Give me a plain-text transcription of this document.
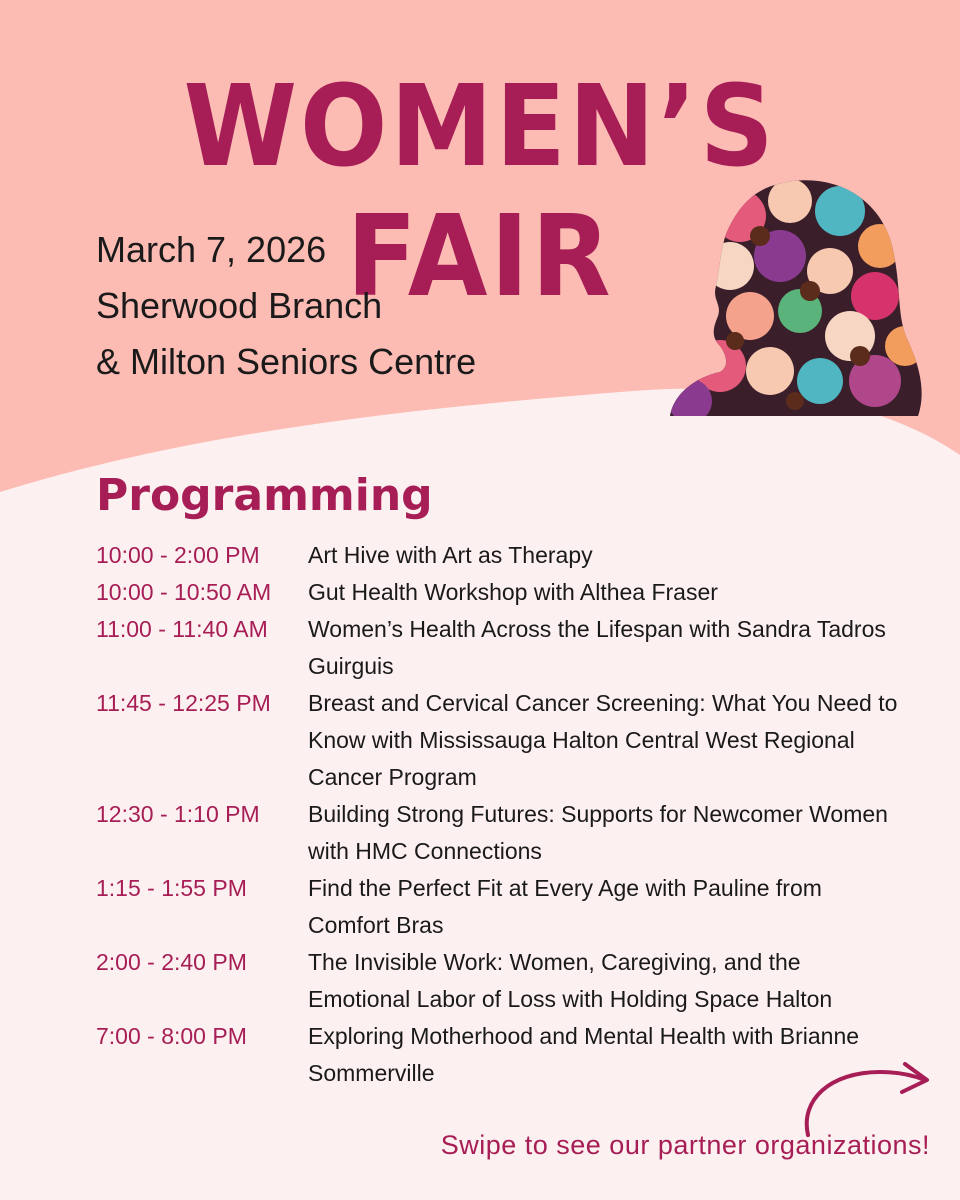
WOMEN’S FAIR
March 7, 2026
Sherwood Branch
& Milton Seniors Centre
Programming
10:00 - 2:00 PM	Art Hive with Art as Therapy
10:00 - 10:50 AM	Gut Health Workshop with Althea Fraser
11:00 - 11:40 AM	Women’s Health Across the Lifespan with Sandra Tadros Guirguis
11:45 - 12:25 PM	Breast and Cervical Cancer Screening: What You Need to Know with Mississauga Halton Central West Regional Cancer Program
12:30 - 1:10 PM	Building Strong Futures: Supports for Newcomer Women with HMC Connections
1:15 - 1:55 PM	Find the Perfect Fit at Every Age with Pauline from Comfort Bras
2:00 - 2:40 PM	The Invisible Work: Women, Caregiving, and the Emotional Labor of Loss with Holding Space Halton
7:00 - 8:00 PM	Exploring Motherhood and Mental Health with Brianne Sommerville
Swipe to see our partner organizations!
